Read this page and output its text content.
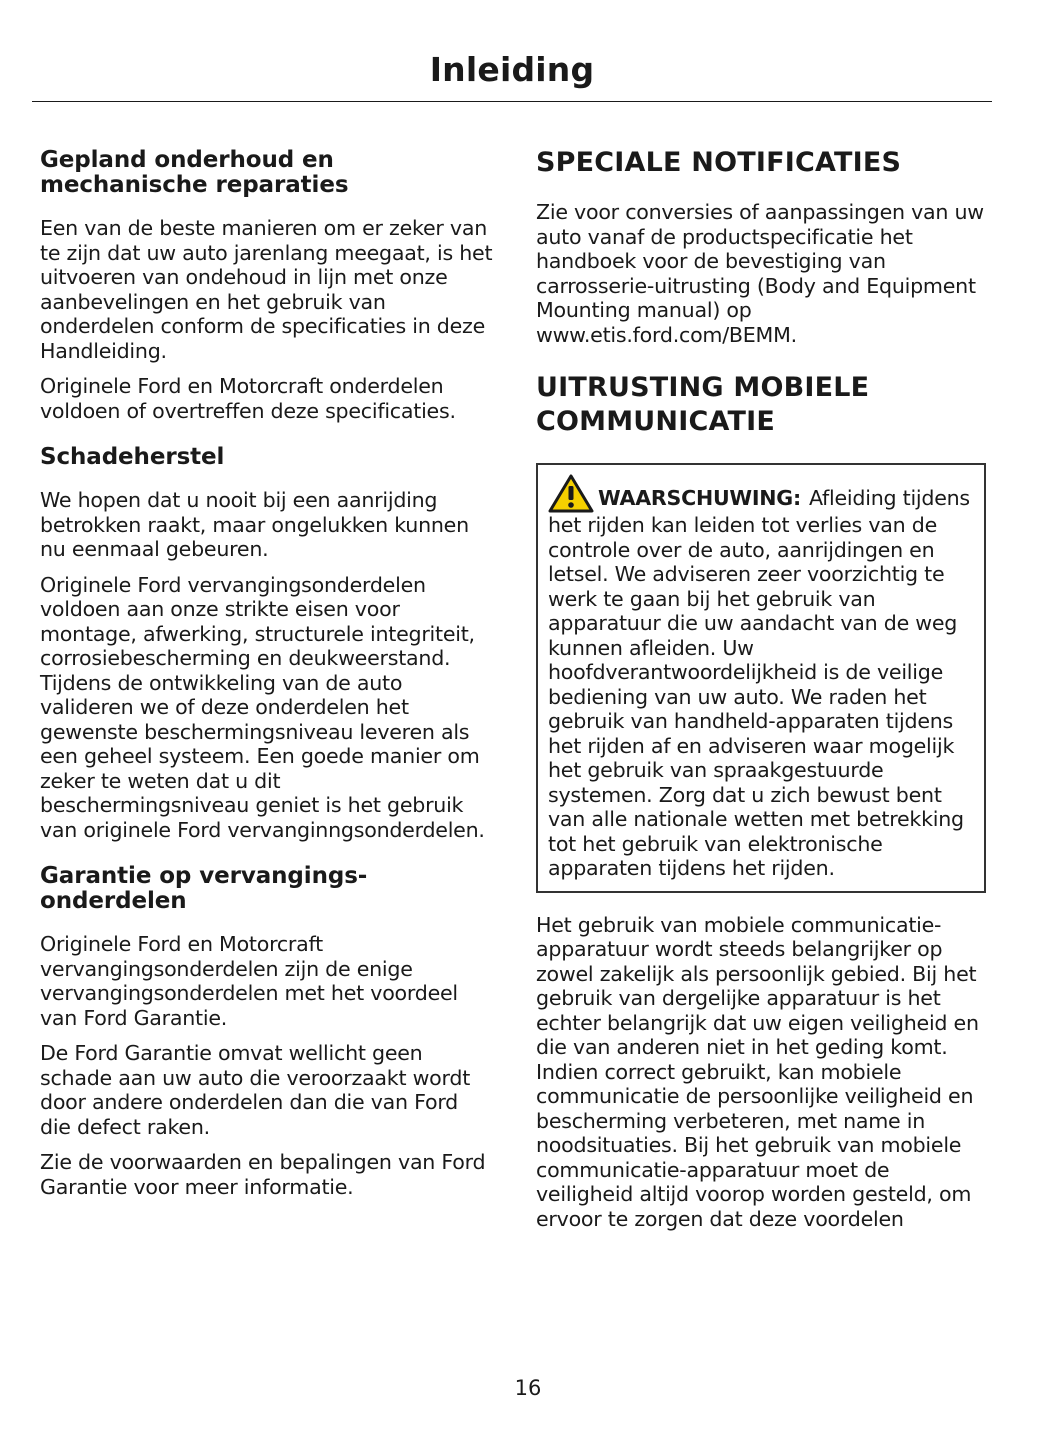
Inleiding
Gepland onderhoud en mechanische reparaties

Een van de beste manieren om er zeker van te zijn dat uw auto jarenlang meegaat, is het uitvoeren van ondehoud in lijn met onze aanbevelingen en het gebruik van onderdelen conform de specificaties in deze Handleiding.

Originele Ford en Motorcraft onderdelen voldoen of overtreffen deze specificaties.

Schadeherstel

We hopen dat u nooit bij een aanrijding betrokken raakt, maar ongelukken kunnen nu eenmaal gebeuren.

Originele Ford vervangingsonderdelen voldoen aan onze strikte eisen voor montage, afwerking, structurele integriteit, corrosiebescherming en deukweerstand. Tijdens de ontwikkeling van de auto valideren we of deze onderdelen het gewenste beschermingsniveau leveren als een geheel systeem. Een goede manier om zeker te weten dat u dit beschermingsniveau geniet is het gebruik van originele Ford vervanginngsonderdelen.

Garantie op vervangings-onderdelen

Originele Ford en Motorcraft vervangingsonderdelen zijn de enige vervangingsonderdelen met het voordeel van Ford Garantie.

De Ford Garantie omvat wellicht geen schade aan uw auto die veroorzaakt wordt door andere onderdelen dan die van Ford die defect raken.

Zie de voorwaarden en bepalingen van Ford Garantie voor meer informatie.

SPECIALE NOTIFICATIES

Zie voor conversies of aanpassingen van uw auto vanaf de productspecificatie het handboek voor de bevestiging van carrosserie-uitrusting (Body and Equipment Mounting manual) op www.etis.ford.com/BEMM.

UITRUSTING MOBIELE COMMUNICATIE

WAARSCHUWING: Afleiding tijdens het rijden kan leiden tot verlies van de controle over de auto, aanrijdingen en letsel. We adviseren zeer voorzichtig te werk te gaan bij het gebruik van apparatuur die uw aandacht van de weg kunnen afleiden. Uw hoofdverantwoordelijkheid is de veilige bediening van uw auto. We raden het gebruik van handheld-apparaten tijdens het rijden af en adviseren waar mogelijk het gebruik van spraakgestuurde systemen. Zorg dat u zich bewust bent van alle nationale wetten met betrekking tot het gebruik van elektronische apparaten tijdens het rijden.

Het gebruik van mobiele communicatie-apparatuur wordt steeds belangrijker op zowel zakelijk als persoonlijk gebied. Bij het gebruik van dergelijke apparatuur is het echter belangrijk dat uw eigen veiligheid en die van anderen niet in het geding komt. Indien correct gebruikt, kan mobiele communicatie de persoonlijke veiligheid en bescherming verbeteren, met name in noodsituaties. Bij het gebruik van mobiele communicatie-apparatuur moet de veiligheid altijd voorop worden gesteld, om ervoor te zorgen dat deze voordelen

16
